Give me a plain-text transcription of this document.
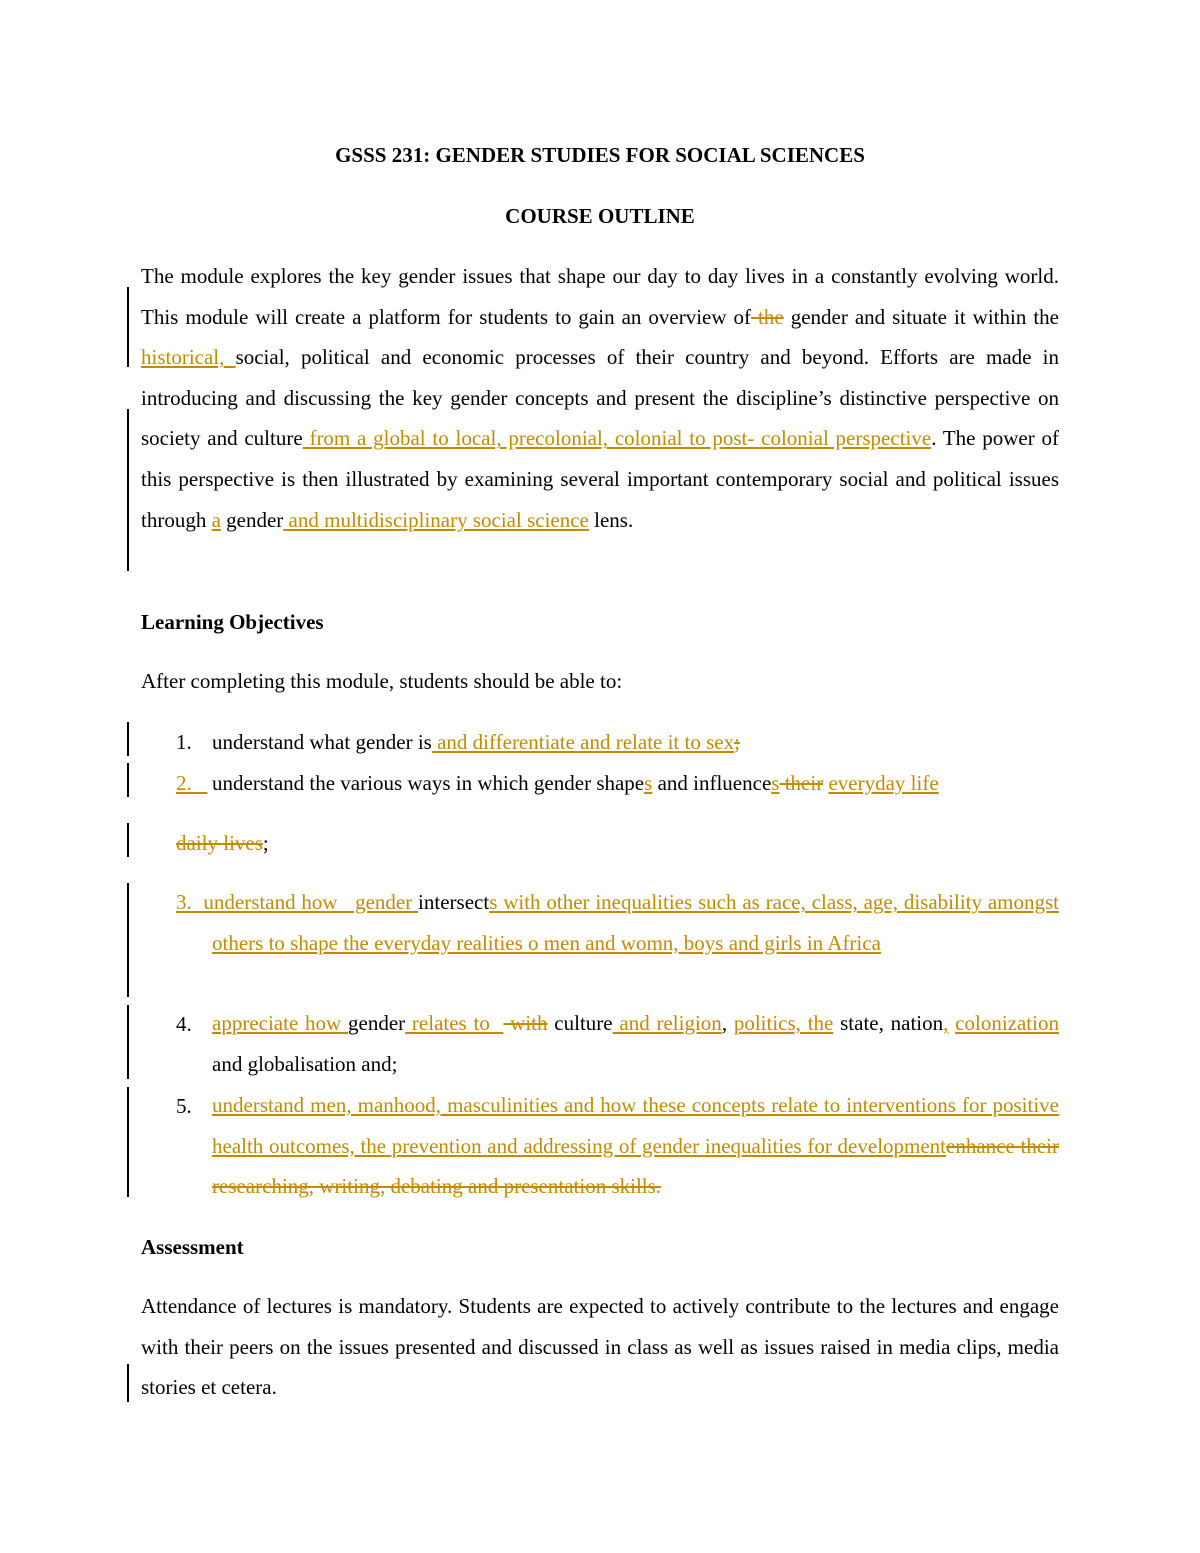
GSSS 231: GENDER STUDIES FOR SOCIAL SCIENCES
COURSE OUTLINE
The module explores the key gender issues that shape our day to day lives in a constantly evolving world. This module will create a platform for students to gain an overview of the gender and situate it within the historical, social, political and economic processes of their country and beyond. Efforts are made in introducing and discussing the key gender concepts and present the discipline’s distinctive perspective on society and culture from a global to local, precolonial, colonial to post- colonial perspective. The power of this perspective is then illustrated by examining several important contemporary social and political issues through a gender and multidisciplinary social science lens.
Learning Objectives
After completing this module, students should be able to:
1. understand what gender is and differentiate and relate it to sex;
2. understand the various ways in which gender shapes and influences their everyday life
daily lives;
3.  understand how   gender intersects with other inequalities such as race, class, age, disability amongst others to shape the everyday realities o men and womn, boys and girls in Africa
4. appreciate how gender relates to   with culture and religion, politics, the state, nation, colonization and globalisation and;
5. understand men, manhood, masculinities and how these concepts relate to interventions for positive health outcomes, the prevention and addressing of gender inequalities for developmentenhance their researching, writing, debating and presentation skills.
Assessment
Attendance of lectures is mandatory. Students are expected to actively contribute to the lectures and engage with their peers on the issues presented and discussed in class as well as issues raised in media clips, media stories et cetera.
